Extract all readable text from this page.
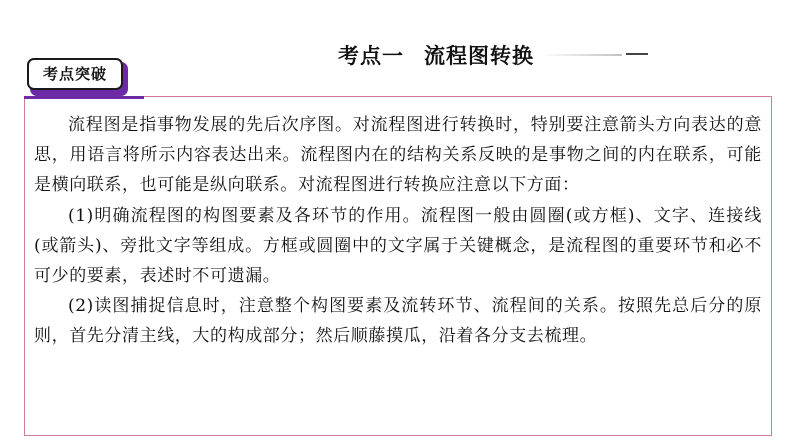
考点一 流程图转换
考点突破

流程图是指事物发展的先后次序图。对流程图进行转换时，特别要注意箭头方向表达的意思，用语言将所示内容表达出来。流程图内在的结构关系反映的是事物之间的内在联系，可能是横向联系，也可能是纵向联系。对流程图进行转换应注意以下方面：

(1)明确流程图的构图要素及各环节的作用。流程图一般由圆圈(或方框)、文字、连接线(或箭头)、旁批文字等组成。方框或圆圈中的文字属于关键概念，是流程图的重要环节和必不可少的要素，表述时不可遗漏。

(2)读图捕捉信息时，注意整个构图要素及流转环节、流程间的关系。按照先总后分的原则，首先分清主线，大的构成部分；然后顺藤摸瓜，沿着各分支去梳理。
